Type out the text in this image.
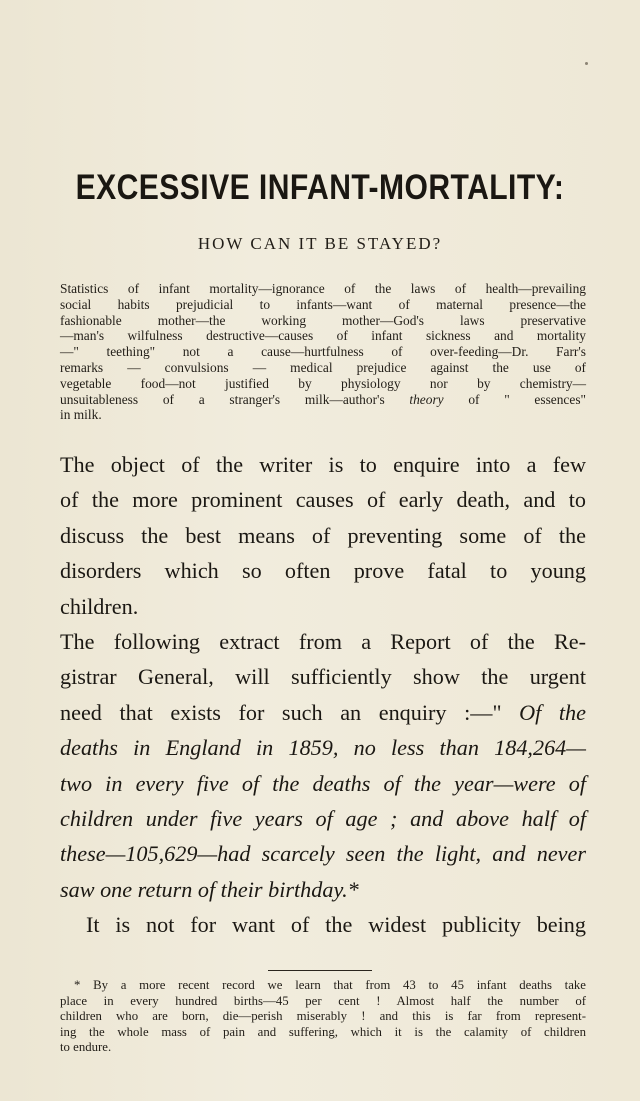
EXCESSIVE INFANT-MORTALITY:
HOW CAN IT BE STAYED?
Statistics of infant mortality—ignorance of the laws of health—prevailing
social habits prejudicial to infants—want of maternal presence—the
fashionable mother—the working mother—God's laws preservative
—man's wilfulness destructive—causes of infant sickness and mortality
—" teething" not a cause—hurtfulness of over-feeding—Dr. Farr's
remarks — convulsions — medical prejudice against the use of
vegetable food—not justified by physiology nor by chemistry—
unsuitableness of a stranger's milk—author's theory of " essences"
in milk.
The object of the writer is to enquire into a few
of the more prominent causes of early death, and to
discuss the best means of preventing some of the
disorders which so often prove fatal to young
children.
The following extract from a Report of the Re-
gistrar General, will sufficiently show the urgent
need that exists for such an enquiry :—" Of the
deaths in England in 1859, no less than 184,264—
two in every five of the deaths of the year—were of
children under five years of age ; and above half of
these—105,629—had scarcely seen the light, and never
saw one return of their birthday.*
It is not for want of the widest publicity being
* By a more recent record we learn that from 43 to 45 infant deaths take
place in every hundred births—45 per cent ! Almost half the number of
children who are born, die—perish miserably ! and this is far from represent-
ing the whole mass of pain and suffering, which it is the calamity of children
to endure.
